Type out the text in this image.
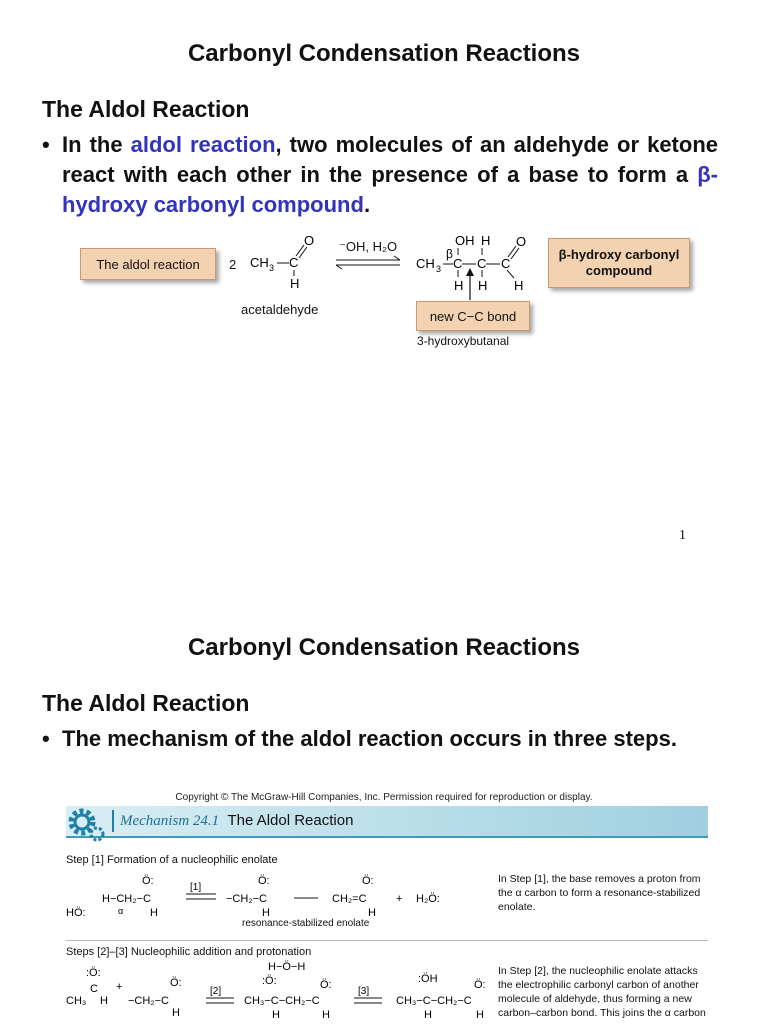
Carbonyl Condensation Reactions
The Aldol Reaction
• In the aldol reaction, two molecules of an aldehyde or ketone react with each other in the presence of a base to form a β-hydroxy carbonyl compound.
The aldol reaction	2 CH 3 C
O
H
CH 3 C C C
O
OH H
β
H H H
⁻OH, H₂O
acetaldehyde	new C−C bond
3-hydroxybutanal
β-hydroxy carbonyl compound
1
Carbonyl Condensation Reactions
The Aldol Reaction
• The mechanism of the aldol reaction occurs in three steps.
Copyright © The McGraw-Hill Companies, Inc. Permission required for reproduction or display.
Mechanism 24.1 The Aldol Reaction
Step [1] Formation of a nucleophilic enolate
HÖ:
H−CH₂−C
Ö:
H
α
[1]
−CH₂−C
Ö:
H
CH₂=C
Ö:
H
+ H₂Ö:
resonance-stabilized enolate
In Step [1], the base removes a proton from the α carbon to form a resonance-stabilized enolate.
Steps [2]–[3] Nucleophilic addition and protonation
:Ö:
CH₃
C
H
+
−CH₂−C
Ö:
H
[2]
H−Ö−H
:Ö:
CH₃−C−CH₂−C
Ö:
H	H
[3]
:ÖH
CH₃−C−CH₂−C
Ö:
H	H
In Step [2], the nucleophilic enolate attacks the electrophilic carbonyl carbon of another molecule of aldehyde, thus forming a new carbon–carbon bond. This joins the α carbon
